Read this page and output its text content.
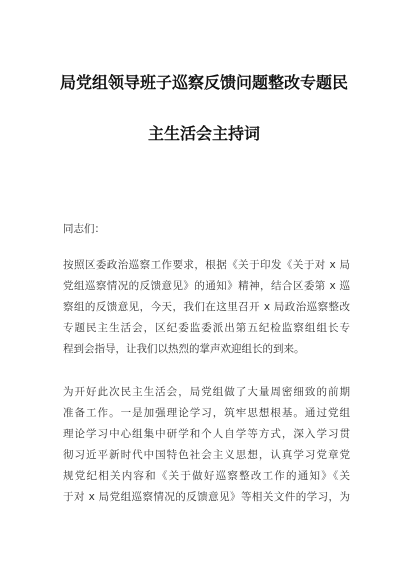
局党组领导班子巡察反馈问题整改专题民
主生活会主持词

同志们：

按照区委政治巡察工作要求，根据《关于印发《关于对 x 局
党组巡察情况的反馈意见》的通知》精神，结合区委第 x 巡
察组的反馈意见，今天，我们在这里召开 x 局政治巡察整改
专题民主生活会，区纪委监委派出第五纪检监察组组长专
程到会指导，让我们以热烈的掌声欢迎组长的到来。
为开好此次民主生活会，局党组做了大量周密细致的前期
准备工作。一是加强理论学习，筑牢思想根基。通过党组
理论学习中心组集中研学和个人自学等方式，深入学习贯
彻习近平新时代中国特色社会主义思想，认真学习党章党
规党纪相关内容和《关于做好巡察整改工作的通知》《关
于对 x 局党组巡察情况的反馈意见》等相关文件的学习，为
